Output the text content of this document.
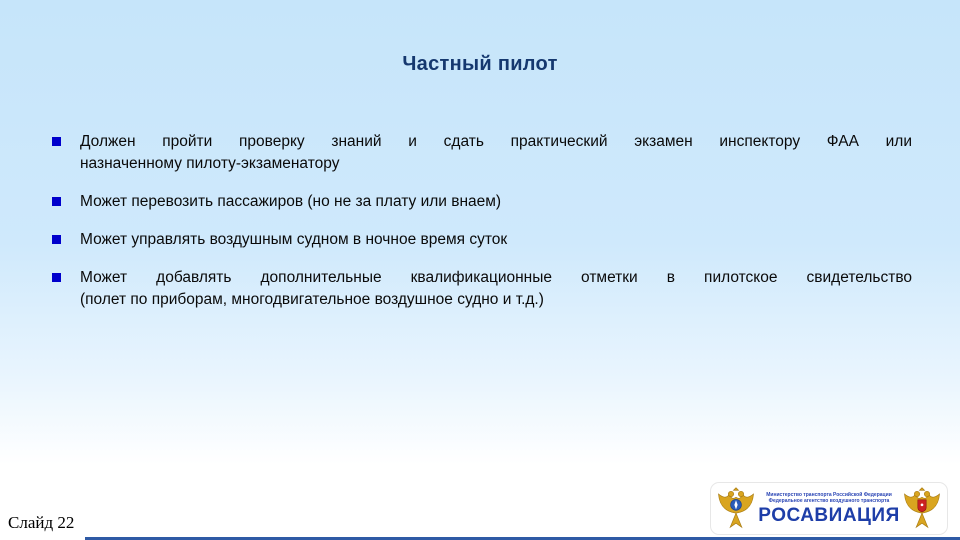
Частный пилот
Должен пройти проверку знаний и сдать практический экзамен инспектору ФАА или
назначенному пилоту-экзаменатору
Может перевозить пассажиров (но не за плату или внаем)
Может управлять воздушным судном в ночное время суток
Может добавлять дополнительные квалификационные отметки в пилотское свидетельство
(полет по приборам, многодвигательное воздушное судно и т.д.)
Слайд 22
Министерство транспорта Российской Федерации
Федеральное агентство воздушного транспорта
РОСАВИАЦИЯ
